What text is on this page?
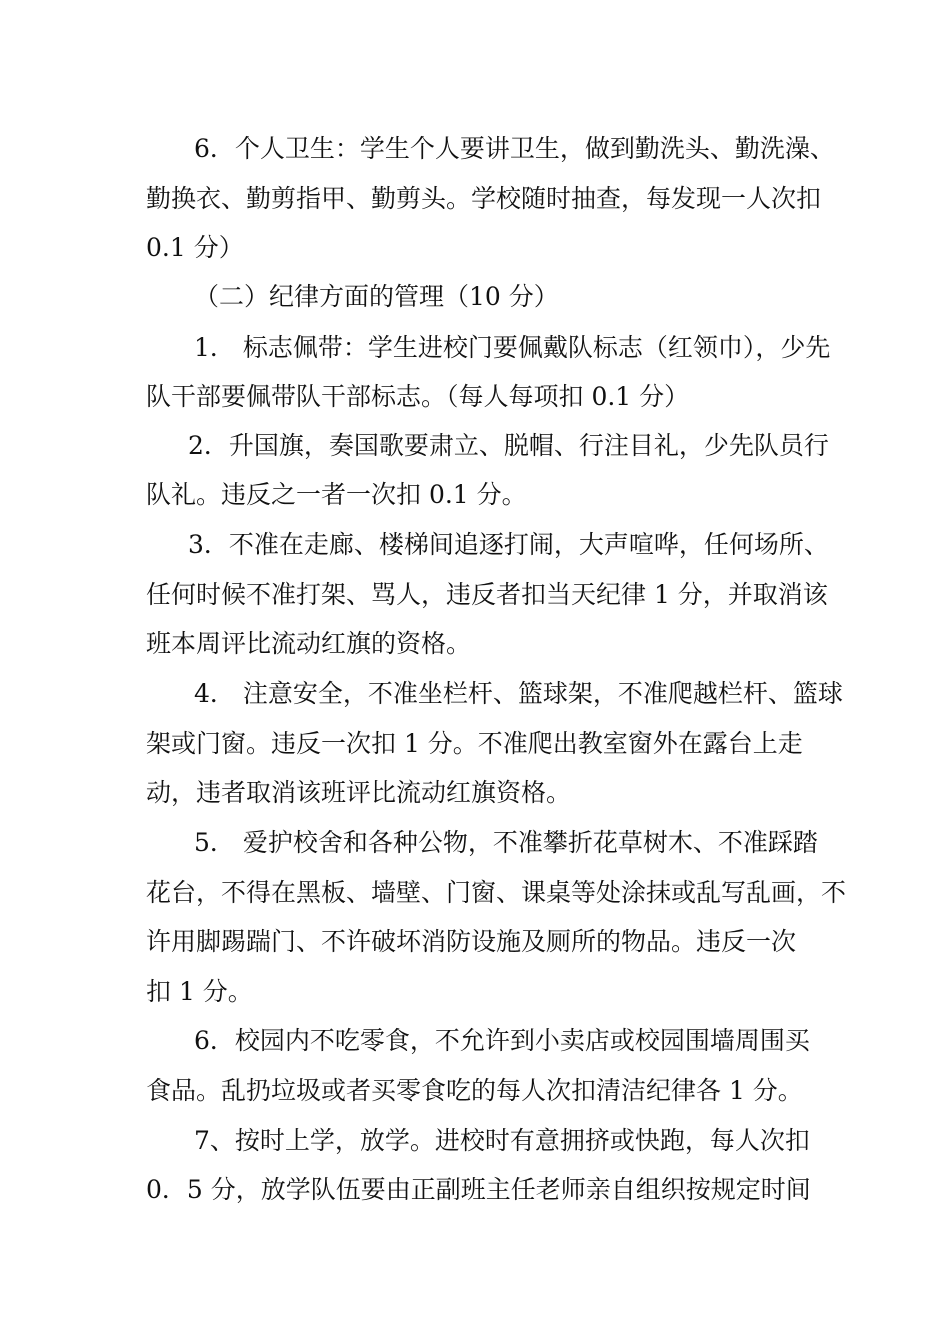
6．个人卫生：学生个人要讲卫生，做到勤洗头、勤洗澡、
勤换衣、勤剪指甲、勤剪头。学校随时抽查，每发现一人次扣
0.1 分）
（二）纪律方面的管理（10 分）
1． 标志佩带：学生进校门要佩戴队标志（红领巾），少先
队干部要佩带队干部标志。（每人每项扣 0.1 分）
2．升国旗，奏国歌要肃立、脱帽、行注目礼，少先队员行
队礼。违反之一者一次扣 0.1 分。
3．不准在走廊、楼梯间追逐打闹，大声喧哗，任何场所、
任何时候不准打架、骂人，违反者扣当天纪律 1 分，并取消该
班本周评比流动红旗的资格。
4． 注意安全，不准坐栏杆、篮球架，不准爬越栏杆、篮球
架或门窗。违反一次扣 1 分。不准爬出教室窗外在露台上走
动，违者取消该班评比流动红旗资格。
5． 爱护校舍和各种公物，不准攀折花草树木、不准踩踏
花台，不得在黑板、墙壁、门窗、课桌等处涂抹或乱写乱画，不
许用脚踢踹门、不许破坏消防设施及厕所的物品。违反一次
扣 1 分。
6．校园内不吃零食，不允许到小卖店或校园围墙周围买
食品。乱扔垃圾或者买零食吃的每人次扣清洁纪律各 1 分。
7、按时上学，放学。进校时有意拥挤或快跑，每人次扣
0．5 分，放学队伍要由正副班主任老师亲自组织按规定时间
